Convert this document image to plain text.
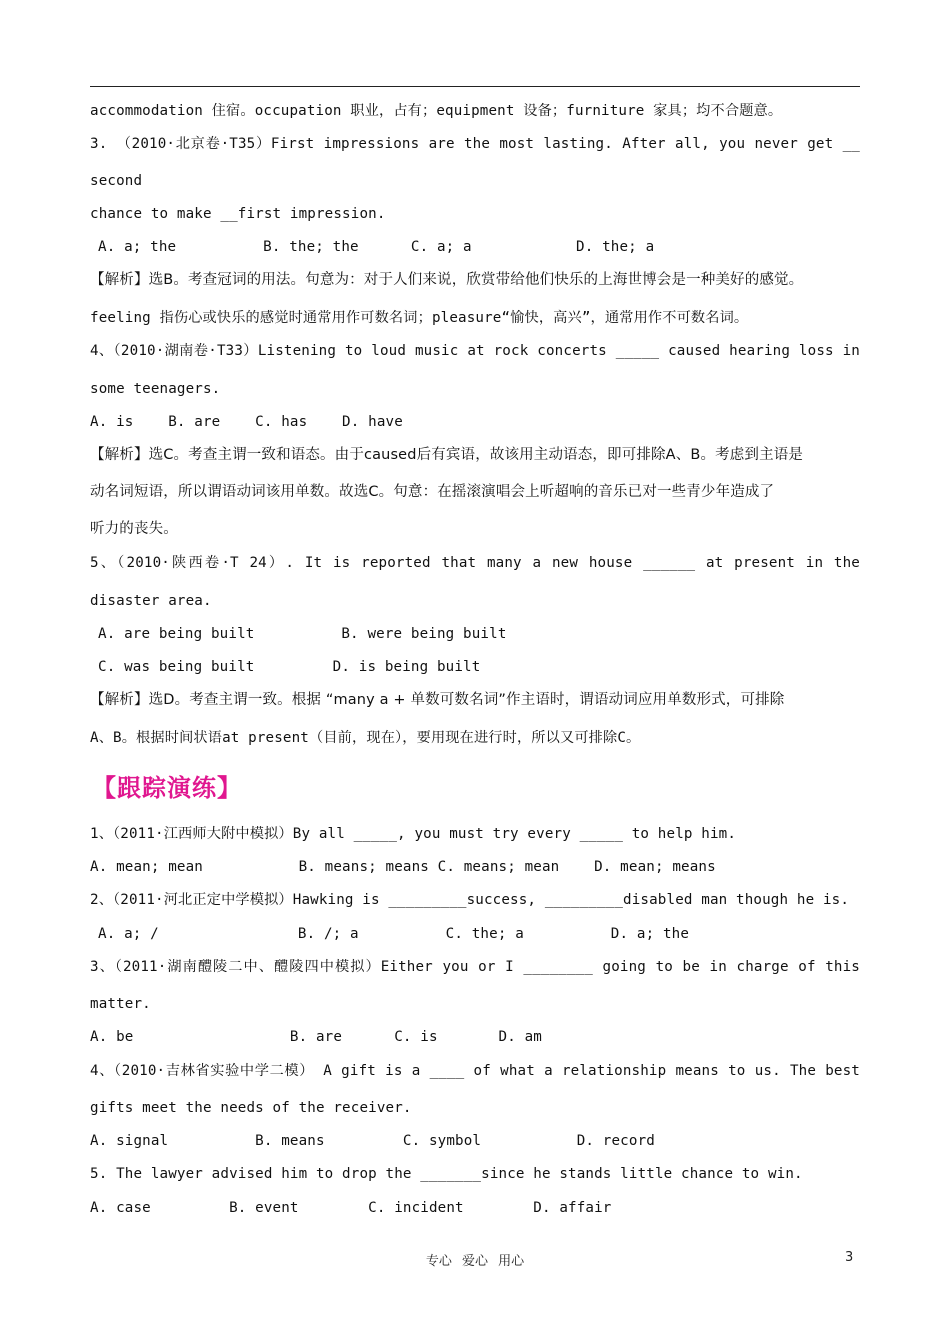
accommodation 住宿。occupation 职业，占有；equipment 设备；furniture 家具；均不合题意。
3. （2010·北京卷·T35）First impressions are the most lasting. After all, you never get __
second
chance to make __first impression.
A. a; the          B. the; the      C. a; a            D. the; a
【解析】选B。考查冠词的用法。句意为：对于人们来说，欣赏带给他们快乐的上海世博会是一种美好的感觉。
feeling 指伤心或快乐的感觉时通常用作可数名词；pleasure“愉快，高兴”，通常用作不可数名词。
4、（2010·湖南卷·T33）Listening to loud music at rock concerts _____ caused hearing loss in
some teenagers.
A. is    B. are    C. has    D. have
【解析】选C。考查主谓一致和语态。由于caused后有宾语，故该用主动语态，即可排除A、B。考虑到主语是
动名词短语，所以谓语动词该用单数。故选C。句意：在摇滚演唱会上听超响的音乐已对一些青少年造成了
听力的丧失。
5、（2010·陕西卷·T 24）. It is reported that many a new house ______ at present in the
disaster area.
A. are being built          B. were being built
C. was being built         D. is being built
【解析】选D。考查主谓一致。根据 “many a + 单数可数名词”作主语时，谓语动词应用单数形式，可排除
A、B。根据时间状语at present（目前，现在），要用现在进行时，所以又可排除C。
【跟踪演练】
1、（2011·江西师大附中模拟）By all _____, you must try every _____ to help him.
A. mean; mean           B. means; means C. means; mean    D. mean; means
2、（2011·河北正定中学模拟）Hawking is _________success, _________disabled man though he is.
A. a; /                B. /; a          C. the; a          D. a; the
3、（2011·湖南醴陵二中、醴陵四中模拟）Either you or I ________ going to be in charge of this
matter.
A. be                  B. are      C. is       D. am
4、（2010·吉林省实验中学二模） A gift is a ____ of what a relationship means to us. The best
gifts meet the needs of the receiver.
A. signal          B. means         C. symbol           D. record
5. The lawyer advised him to drop the _______since he stands little chance to win.
A. case         B. event        C. incident        D. affair
专心 爱心 用心	3
